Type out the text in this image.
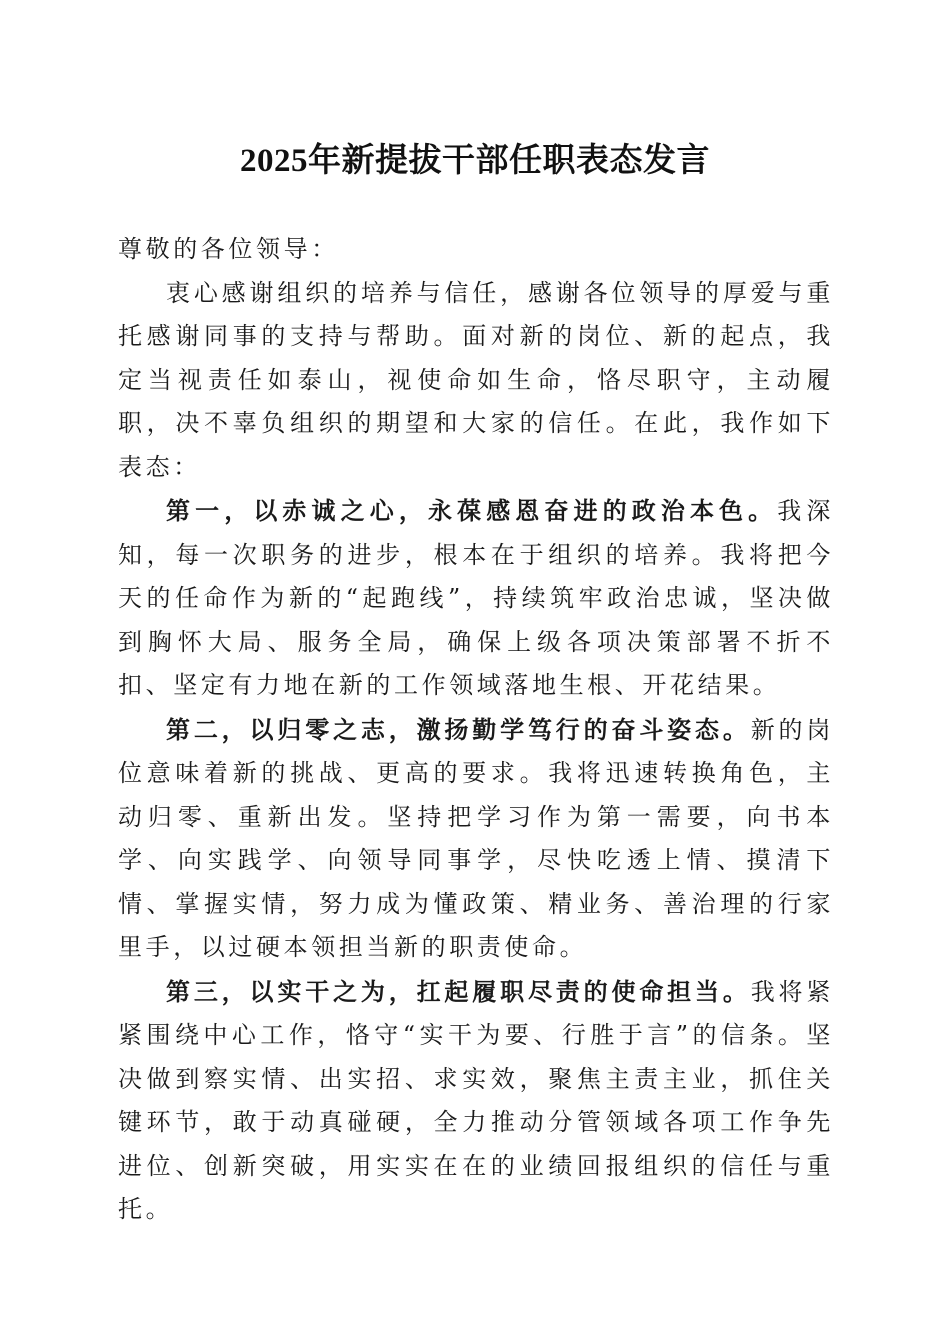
2025年新提拔干部任职表态发言

尊敬的各位领导：

衷心感谢组织的培养与信任，感谢各位领导的厚爱与重托感谢同事的支持与帮助。面对新的岗位、新的起点，我定当视责任如泰山，视使命如生命，恪尽职守，主动履职，决不辜负组织的期望和大家的信任。在此，我作如下表态：

第一，以赤诚之心，永葆感恩奋进的政治本色。我深知，每一次职务的进步，根本在于组织的培养。我将把今天的任命作为新的“起跑线”，持续筑牢政治忠诚，坚决做到胸怀大局、服务全局，确保上级各项决策部署不折不扣、坚定有力地在新的工作领域落地生根、开花结果。

第二，以归零之志，激扬勤学笃行的奋斗姿态。新的岗位意味着新的挑战、更高的要求。我将迅速转换角色，主动归零、重新出发。坚持把学习作为第一需要，向书本学、向实践学、向领导同事学，尽快吃透上情、摸清下情、掌握实情，努力成为懂政策、精业务、善治理的行家里手，以过硬本领担当新的职责使命。

第三，以实干之为，扛起履职尽责的使命担当。我将紧紧围绕中心工作，恪守“实干为要、行胜于言”的信条。坚决做到察实情、出实招、求实效，聚焦主责主业，抓住关键环节，敢于动真碰硬，全力推动分管领域各项工作争先进位、创新突破，用实实在在的业绩回报组织的信任与重托。
